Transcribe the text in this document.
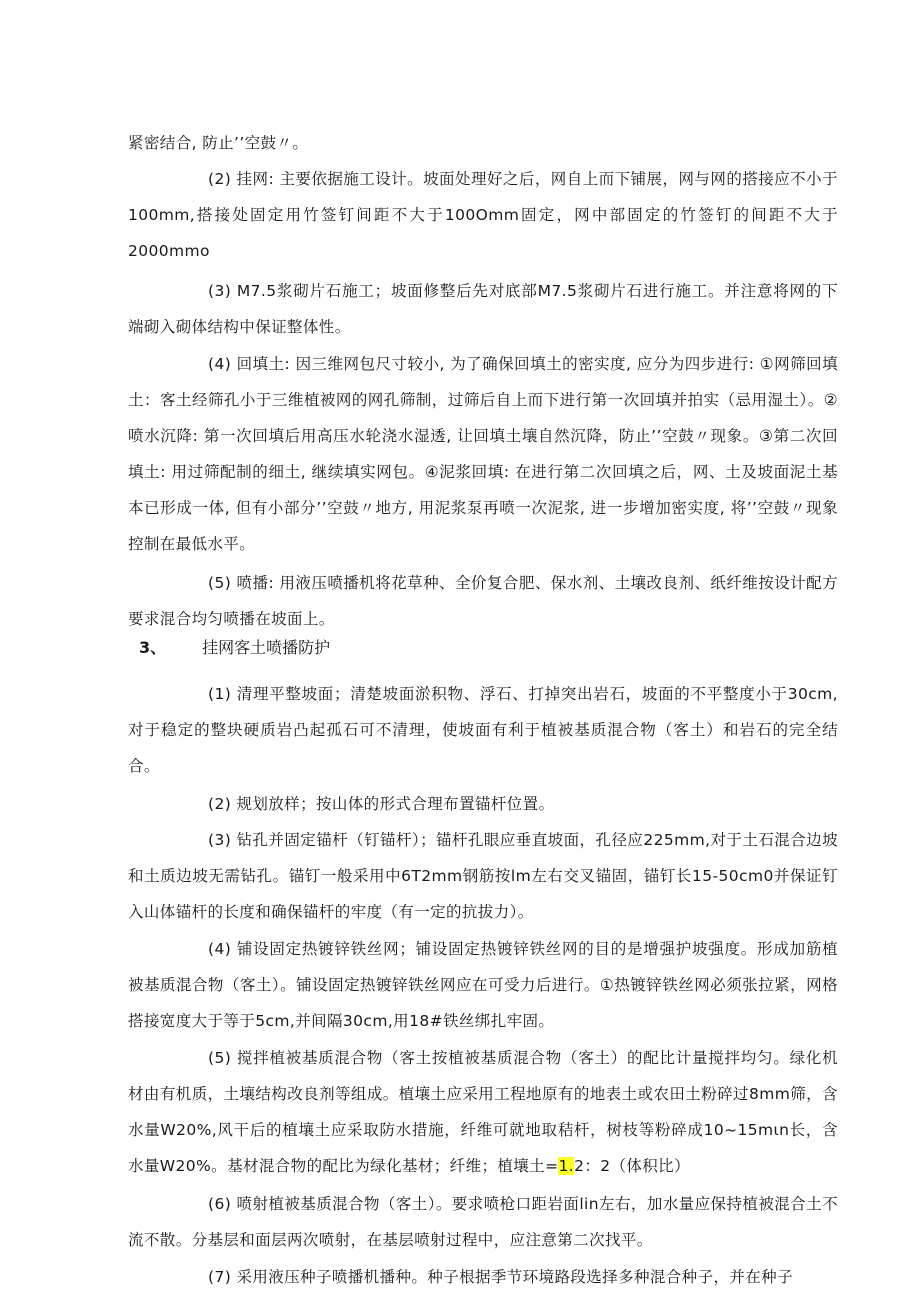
紧密结合, 防止’’空鼓〃。

(2) 挂网: 主要依据施工设计。坡面处理好之后，网自上而下铺展，网与网的搭接应不小于100mm,搭接处固定用竹签钉间距不大于100Omm固定，网中部固定的竹签钉的间距不大于2000mmo

(3) M7.5浆砌片石施工；坡面修整后先对底部M7.5浆砌片石进行施工。并注意将网的下端砌入砌体结构中保证整体性。

(4) 回填土: 因三维网包尺寸较小, 为了确保回填土的密实度, 应分为四步进行: ①网筛回填土：客土经筛孔小于三维植被网的网孔筛制，过筛后自上而下进行第一次回填并拍实（忌用湿土）。②喷水沉降: 第一次回填后用高压水轮浇水湿透, 让回填土壤自然沉降，防止’’空鼓〃现象。③第二次回填土: 用过筛配制的细土, 继续填实网包。④泥浆回填: 在进行第二次回填之后，网、土及坡面泥土基本已形成一体, 但有小部分’’空鼓〃地方, 用泥浆泵再喷一次泥浆, 进一步增加密实度, 将’’空鼓〃现象控制在最低水平。

(5) 喷播: 用液压喷播机将花草种、全价复合肥、保水剂、土壤改良剂、纸纤维按设计配方要求混合均匀喷播在坡面上。

3、 挂网客土喷播防护

(1) 清理平整坡面；清楚坡面淤积物、浮石、打掉突出岩石，坡面的不平整度小于30cm,对于稳定的整块硬质岩凸起孤石可不清理，使坡面有利于植被基质混合物（客土）和岩石的完全结合。

(2) 规划放样；按山体的形式合理布置锚杆位置。

(3) 钻孔并固定锚杆（钉锚杆）；锚杆孔眼应垂直坡面，孔径应225mm,对于土石混合边坡和土质边坡无需钻孔。锚钉一般采用中6T2mm钢筋按lm左右交叉锚固，锚钉长15-50cm0并保证钉入山体锚杆的长度和确保锚杆的牢度（有一定的抗拔力）。

(4) 铺设固定热镀锌铁丝网；铺设固定热镀锌铁丝网的目的是增强护坡强度。形成加筋植被基质混合物（客土）。铺设固定热镀锌铁丝网应在可受力后进行。①热镀锌铁丝网必须张拉紧，网格搭接宽度大于等于5cm,并间隔30cm,用18#铁丝绑扎牢固。

(5) 搅拌植被基质混合物（客土按植被基质混合物（客土）的配比计量搅拌均匀。绿化机材由有机质，土壤结构改良剂等组成。植壤土应采用工程地原有的地表土或农田土粉碎过8mm筛，含水量W20%,风干后的植壤土应采取防水措施，纤维可就地取秸杆，树枝等粉碎成10~15mιn长，含水量W20%。基材混合物的配比为绿化基材；纤维；植壤土=1.2：2（体积比）

(6) 喷射植被基质混合物（客土）。要求喷枪口距岩面lin左右，加水量应保持植被混合土不流不散。分基层和面层两次喷射，在基层喷射过程中，应注意第二次找平。

(7) 采用液压种子喷播机播种。种子根据季节环境路段选择多种混合种子，并在种子
